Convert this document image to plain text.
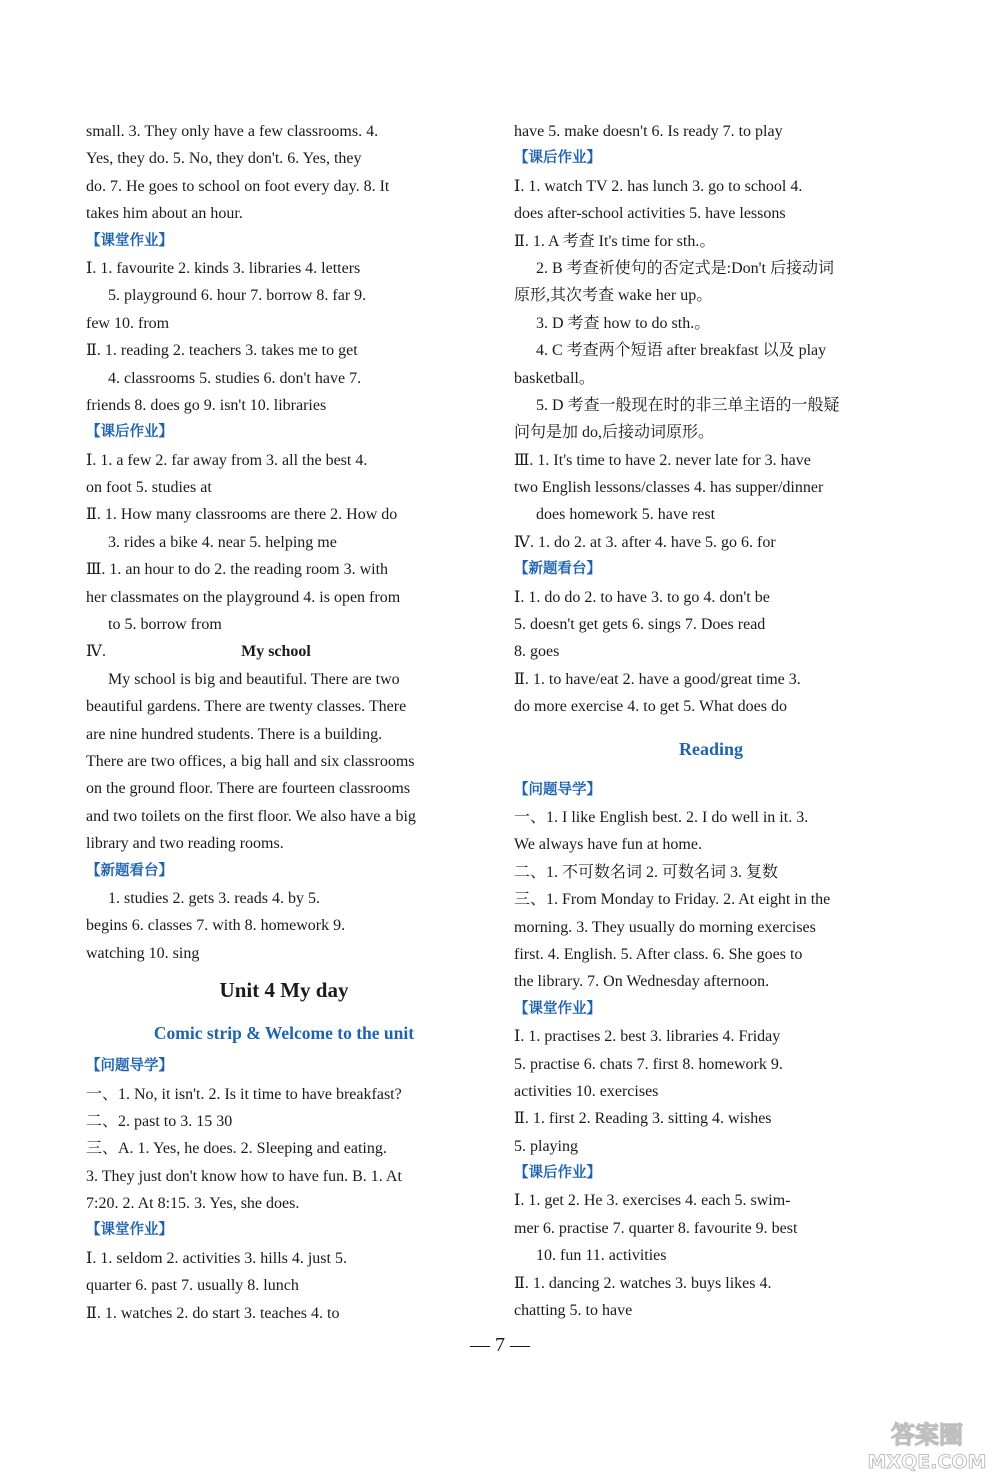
small. 3. They only have a few classrooms. 4.
Yes, they do. 5. No, they don't. 6. Yes, they
do. 7. He goes to school on foot every day. 8. It
takes him about an hour.
【课堂作业】
Ⅰ. 1. favourite 2. kinds 3. libraries 4. letters
5. playground 6. hour 7. borrow 8. far 9.
few 10. from
Ⅱ. 1. reading 2. teachers 3. takes me to get
4. classrooms 5. studies 6. don't have 7.
friends 8. does go 9. isn't 10. libraries
【课后作业】
Ⅰ. 1. a few 2. far away from 3. all the best 4.
on foot 5. studies at
Ⅱ. 1. How many classrooms are there 2. How do
3. rides a bike 4. near 5. helping me
Ⅲ. 1. an hour to do 2. the reading room 3. with
her classmates on the playground 4. is open from
to 5. borrow from
Ⅳ.	My school
My school is big and beautiful. There are two
beautiful gardens. There are twenty classes. There
are nine hundred students. There is a building.
There are two offices, a big hall and six classrooms
on the ground floor. There are fourteen classrooms
and two toilets on the first floor. We also have a big
library and two reading rooms.
【新题看台】
1. studies 2. gets 3. reads 4. by 5.
begins 6. classes 7. with 8. homework 9.
watching 10. sing
Unit 4 My day
Comic strip & Welcome to the unit
【问题导学】
一、1. No, it isn't. 2. Is it time to have breakfast?
二、2. past to 3. 15 30
三、A. 1. Yes, he does. 2. Sleeping and eating.
3. They just don't know how to have fun. B. 1. At
7:20. 2. At 8:15. 3. Yes, she does.
【课堂作业】
Ⅰ. 1. seldom 2. activities 3. hills 4. just 5.
quarter 6. past 7. usually 8. lunch
Ⅱ. 1. watches 2. do start 3. teaches 4. to
have 5. make doesn't 6. Is ready 7. to play
【课后作业】
Ⅰ. 1. watch TV 2. has lunch 3. go to school 4.
does after-school activities 5. have lessons
Ⅱ. 1. A 考查 It's time for sth.。
2. B 考查祈使句的否定式是:Don't 后接动词
原形,其次考查 wake her up。
3. D 考查 how to do sth.。
4. C 考查两个短语 after breakfast 以及 play
basketball。
5. D 考查一般现在时的非三单主语的一般疑
问句是加 do,后接动词原形。
Ⅲ. 1. It's time to have 2. never late for 3. have
two English lessons/classes 4. has supper/dinner
does homework 5. have rest
Ⅳ. 1. do 2. at 3. after 4. have 5. go 6. for
【新题看台】
Ⅰ. 1. do do 2. to have 3. to go 4. don't be
5. doesn't get gets 6. sings 7. Does read
8. goes
Ⅱ. 1. to have/eat 2. have a good/great time 3.
do more exercise 4. to get 5. What does do
Reading
【问题导学】
一、1. I like English best. 2. I do well in it. 3.
We always have fun at home.
二、1. 不可数名词 2. 可数名词 3. 复数
三、1. From Monday to Friday. 2. At eight in the
morning. 3. They usually do morning exercises
first. 4. English. 5. After class. 6. She goes to
the library. 7. On Wednesday afternoon.
【课堂作业】
Ⅰ. 1. practises 2. best 3. libraries 4. Friday
5. practise 6. chats 7. first 8. homework 9.
activities 10. exercises
Ⅱ. 1. first 2. Reading 3. sitting 4. wishes
5. playing
【课后作业】
Ⅰ. 1. get 2. He 3. exercises 4. each 5. swim-
mer 6. practise 7. quarter 8. favourite 9. best
10. fun 11. activities
Ⅱ. 1. dancing 2. watches 3. buys likes 4.
chatting 5. to have
— 7 —
答案圈
MXQE.COM
